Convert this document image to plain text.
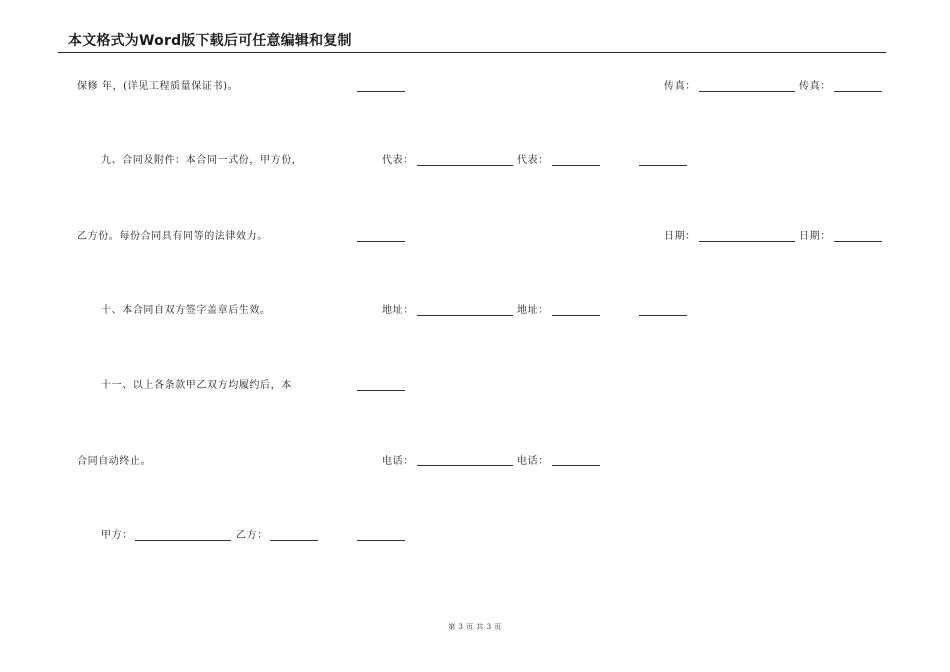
本文格式为Word版下载后可任意编辑和复制
保修 年，(详见工程质量保证书)。
九、合同及附件：本合同一式份，甲方份，
乙方份。每份合同具有同等的法律效力。
十、本合同自双方签字盖章后生效。
十一、以上各条款甲乙双方均履约后，本
合同自动终止。
甲方：	乙方：
代表：	代表：
地址：	地址：
电话：	电话：
传真：	传真：
日期：	日期：
第 3 页 共 3 页
